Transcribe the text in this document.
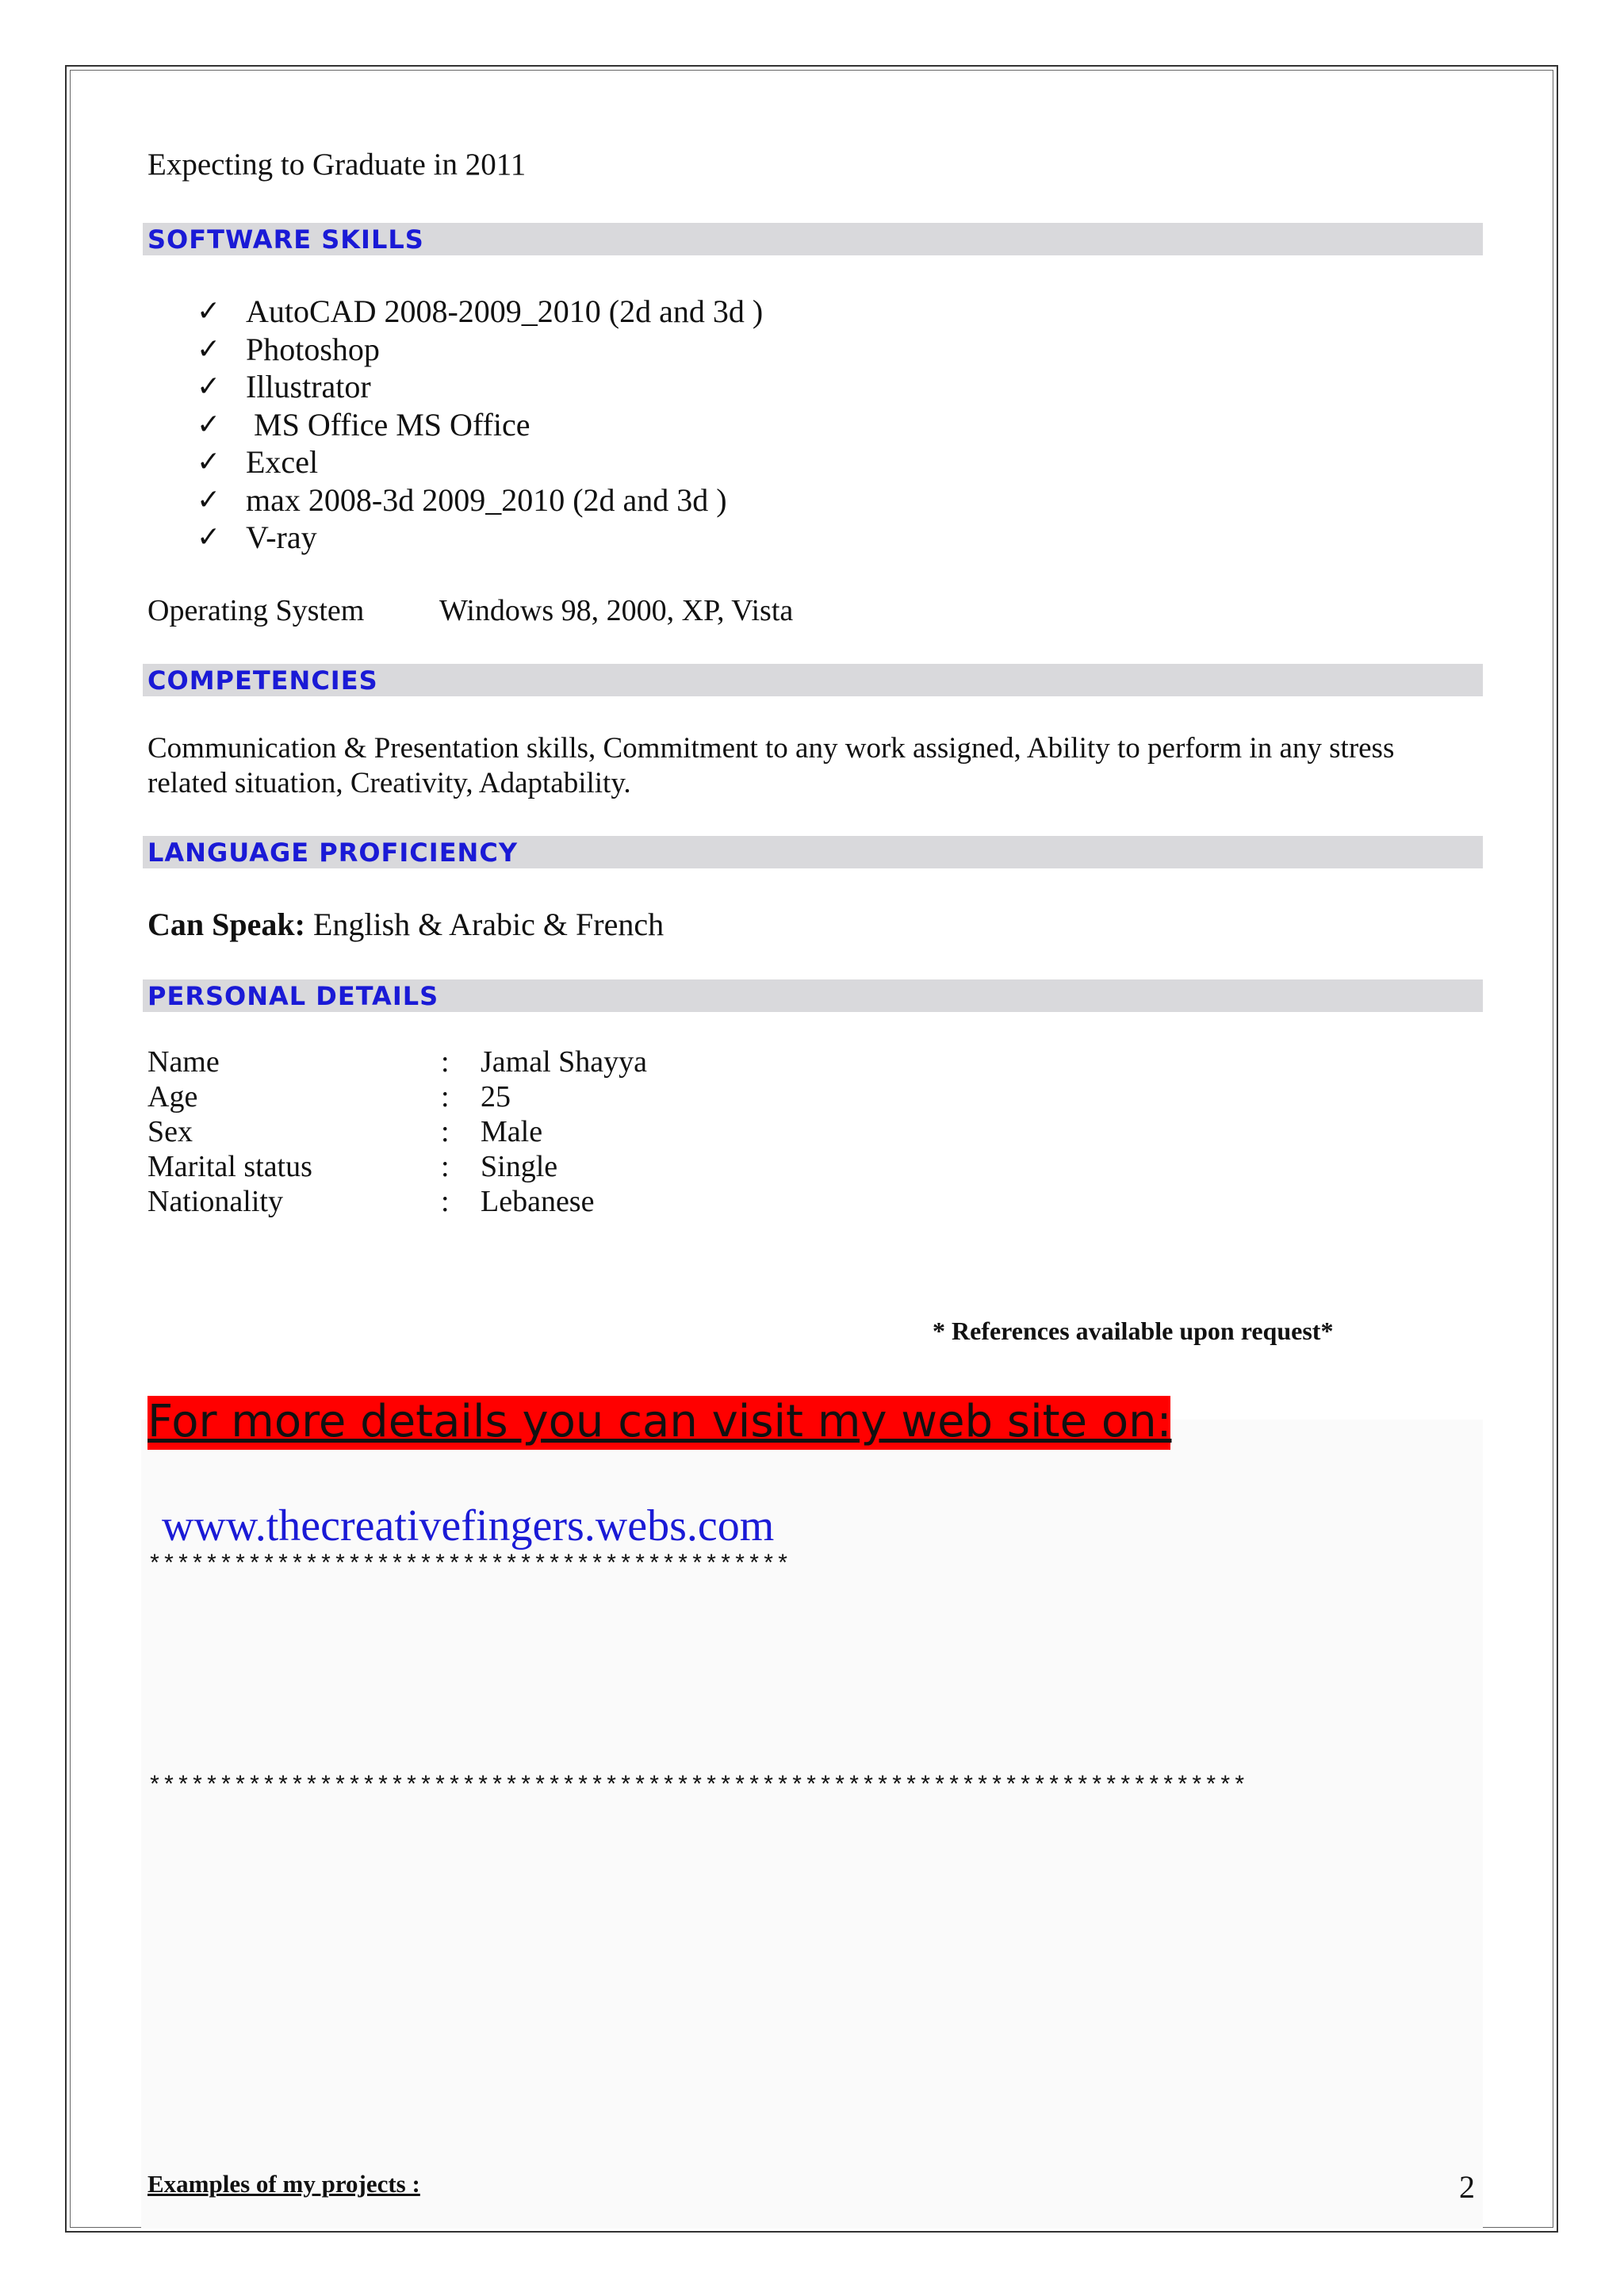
Expecting to Graduate in 2011
SOFTWARE SKILLS
✓ AutoCAD 2008-2009_2010 (2d and 3d )
✓ Photoshop
✓ Illustrator
✓ MS Office MS Office
✓ Excel
✓ max 2008-3d 2009_2010 (2d and 3d )
✓ V-ray
Operating System Windows 98, 2000, XP, Vista
COMPETENCIES
Communication & Presentation skills, Commitment to any work assigned, Ability to perform in any stress
related situation, Creativity, Adaptability.
LANGUAGE PROFICIENCY
Can Speak: English & Arabic & French
PERSONAL DETAILS
Name	: Jamal Shayya
Age	: 25
Sex	: Male
Marital status	: Single
Nationality	: Lebanese
* References available upon request*
For more details you can visit my web site on:
www.thecreativefingers.webs.com
*********************************************
*****************************************************************************
Examples of my projects :	2
